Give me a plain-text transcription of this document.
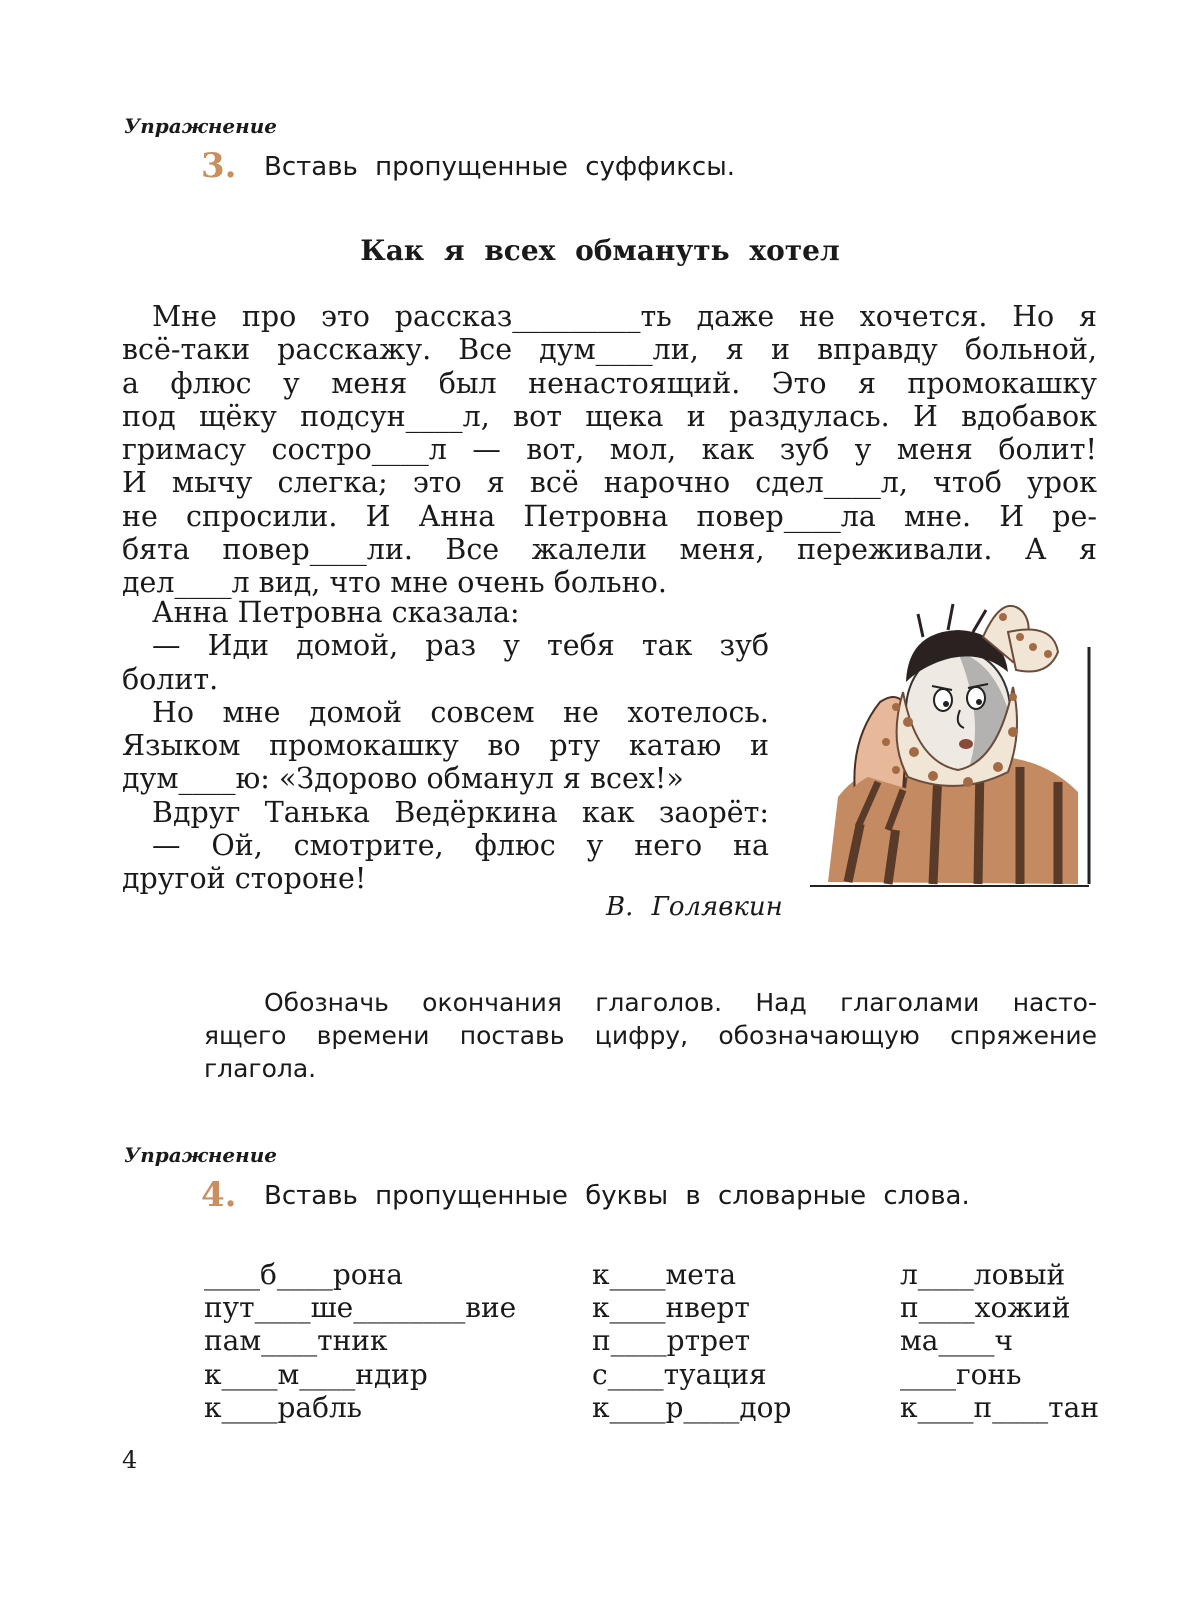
Упражнение
3. Вставь пропущенные суффиксы.
Как я всех обмануть хотел

Мне про это рассказ_________ть даже не хочется. Но я

всё-таки расскажу. Все дум____ли, я и вправду больной,

а флюс у меня был ненастоящий. Это я промокашку

под щёку подсун____л, вот щека и раздулась. И вдобавок

гримасу состро____л — вот, мол, как зуб у меня болит!

И мычу слегка; это я всё нарочно сдел____л, чтоб урок

не спросили. И Анна Петровна повер____ла мне. И ре-

бята повер____ли. Все жалели меня, переживали. А я

дел____л вид, что мне очень больно.

Анна Петровна сказала:

— Иди домой, раз у тебя так зуб

болит.

Но мне домой совсем не хотелось.

Языком промокашку во рту катаю и

дум____ю: «Здорово обманул я всех!»

Вдруг Танька Ведёркина как заорёт:

— Ой, смотрите, флюс у него на

другой стороне!

В. Голявкин

Обозначь окончания глаголов. Над глаголами насто-

ящего времени поставь цифру, обозначающую спряжение

глагола.

Упражнение
4. Вставь пропущенные буквы в словарные слова.
____б____рона
пут____ше________вие
пам____тник
к____м____ндир
к____рабль
к____мета
к____нверт
п____ртрет
с____туация
к____р____дор
л____ловый
п____хожий
ма____ч
____гонь
к____п____тан
4
